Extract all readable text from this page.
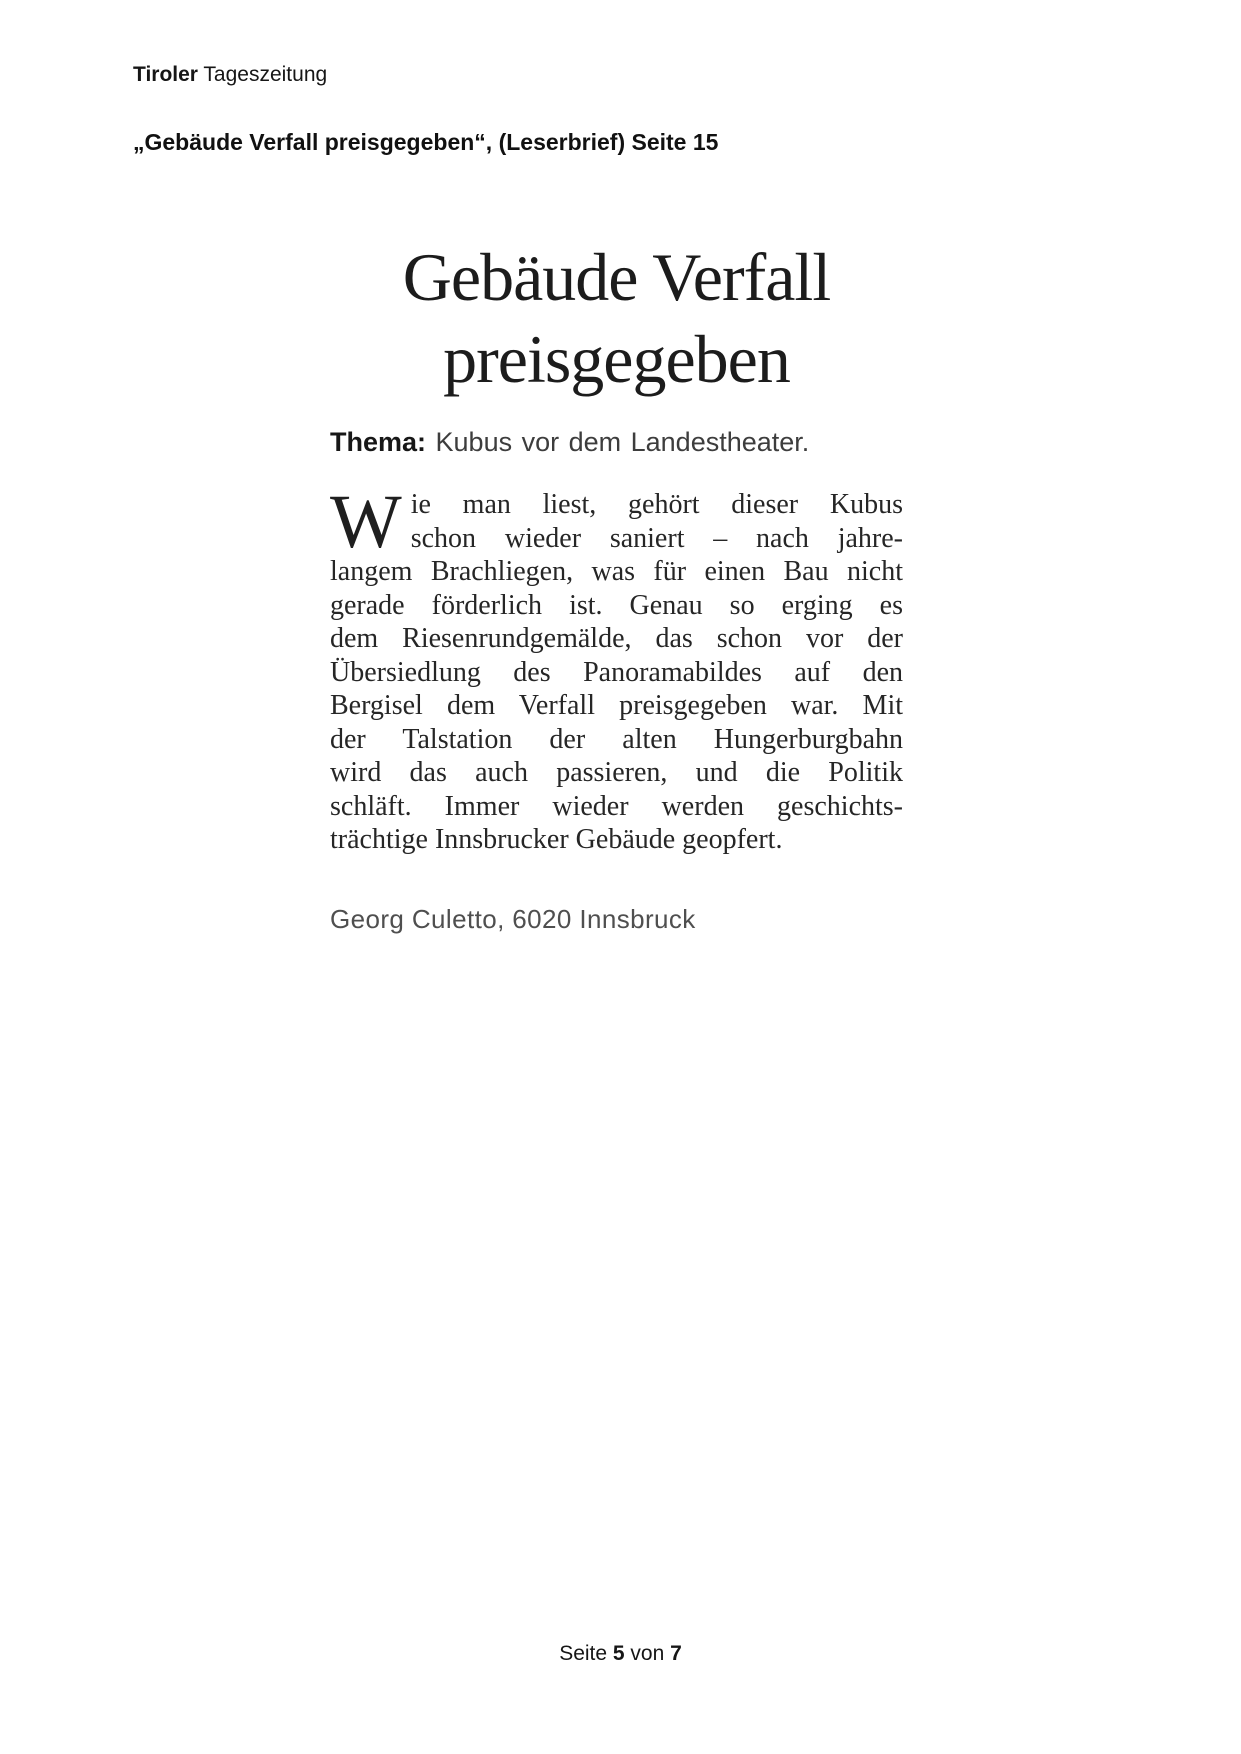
Tiroler Tageszeitung
„Gebäude Verfall preisgegeben“, (Leserbrief) Seite 15
Gebäude Verfall
preisgegeben
Thema: Kubus vor dem Landestheater.
W ie man liest, gehört dieser Kubus
schon wieder saniert – nach jahre-
langem Brachliegen, was für einen Bau nicht
gerade förderlich ist. Genau so erging es
dem Riesenrundgemälde, das schon vor der
Übersiedlung des Panoramabildes auf den
Bergisel dem Verfall preisgegeben war. Mit
der Talstation der alten Hungerburgbahn
wird das auch passieren, und die Politik
schläft. Immer wieder werden geschichts-
trächtige Innsbrucker Gebäude geopfert.
Georg Culetto, 6020 Innsbruck
Seite 5 von 7
